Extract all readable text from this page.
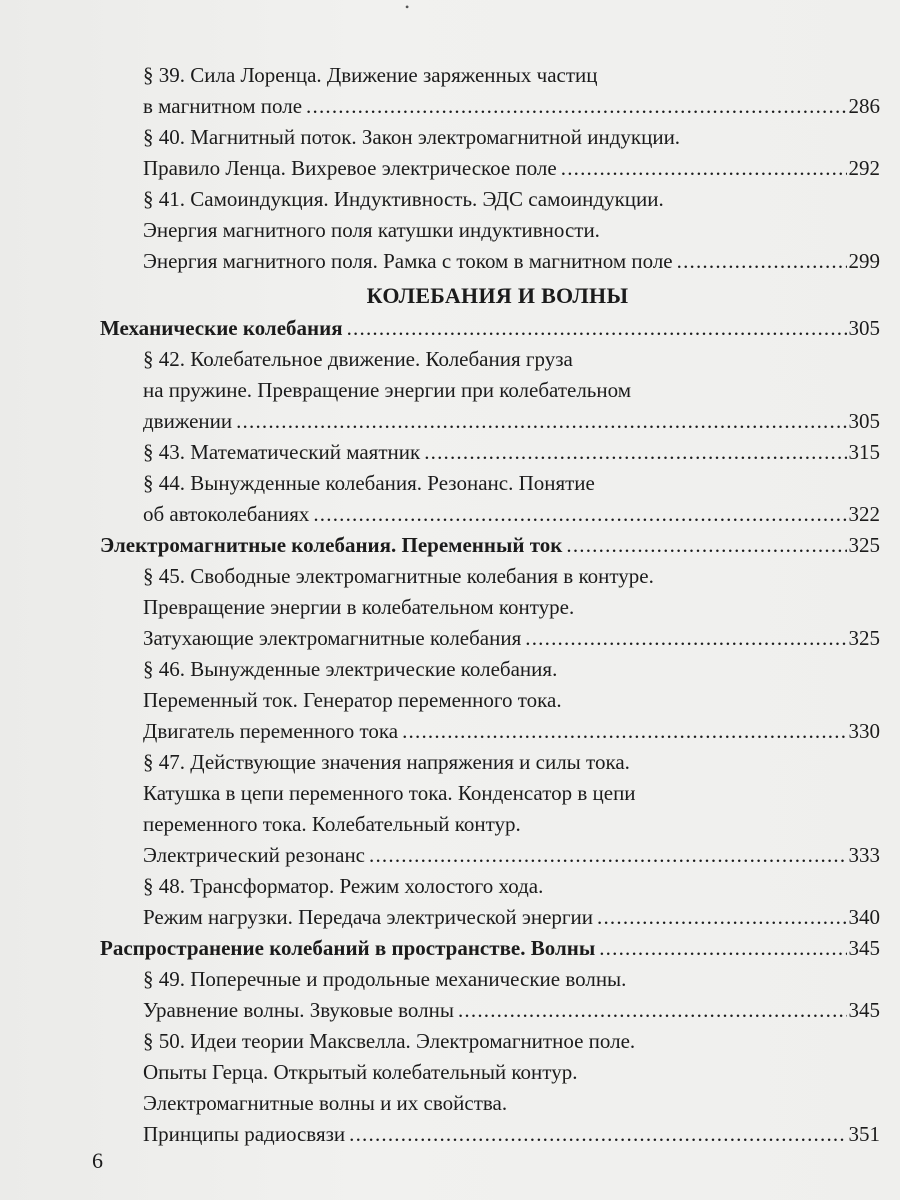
•
§ 39. Сила Лоренца. Движение заряженных частиц
в магнитном поле .....	286
§ 40. Магнитный поток. Закон электромагнитной индукции.
Правило Ленца. Вихревое электрическое поле .....	292
§ 41. Самоиндукция. Индуктивность. ЭДС самоиндукции.
Энергия магнитного поля катушки индуктивности.
Энергия магнитного поля. Рамка с током в магнитном поле .....	299
КОЛЕБАНИЯ И ВОЛНЫ
Механические колебания .....	305
§ 42. Колебательное движение. Колебания груза
на пружине. Превращение энергии при колебательном
движении .....	305
§ 43. Математический маятник .....	315
§ 44. Вынужденные колебания. Резонанс. Понятие
об автоколебаниях .....	322
Электромагнитные колебания. Переменный ток .....	325
§ 45. Свободные электромагнитные колебания в контуре.
Превращение энергии в колебательном контуре.
Затухающие электромагнитные колебания .....	325
§ 46. Вынужденные электрические колебания.
Переменный ток. Генератор переменного тока.
Двигатель переменного тока .....	330
§ 47. Действующие значения напряжения и силы тока.
Катушка в цепи переменного тока. Конденсатор в цепи
переменного тока. Колебательный контур.
Электрический резонанс .....	333
§ 48. Трансформатор. Режим холостого хода.
Режим нагрузки. Передача электрической энергии .....	340
Распространение колебаний в пространстве. Волны .....	345
§ 49. Поперечные и продольные механические волны.
Уравнение волны. Звуковые волны .....	345
§ 50. Идеи теории Максвелла. Электромагнитное поле.
Опыты Герца. Открытый колебательный контур.
Электромагнитные волны и их свойства.
Принципы радиосвязи .....	351
6
